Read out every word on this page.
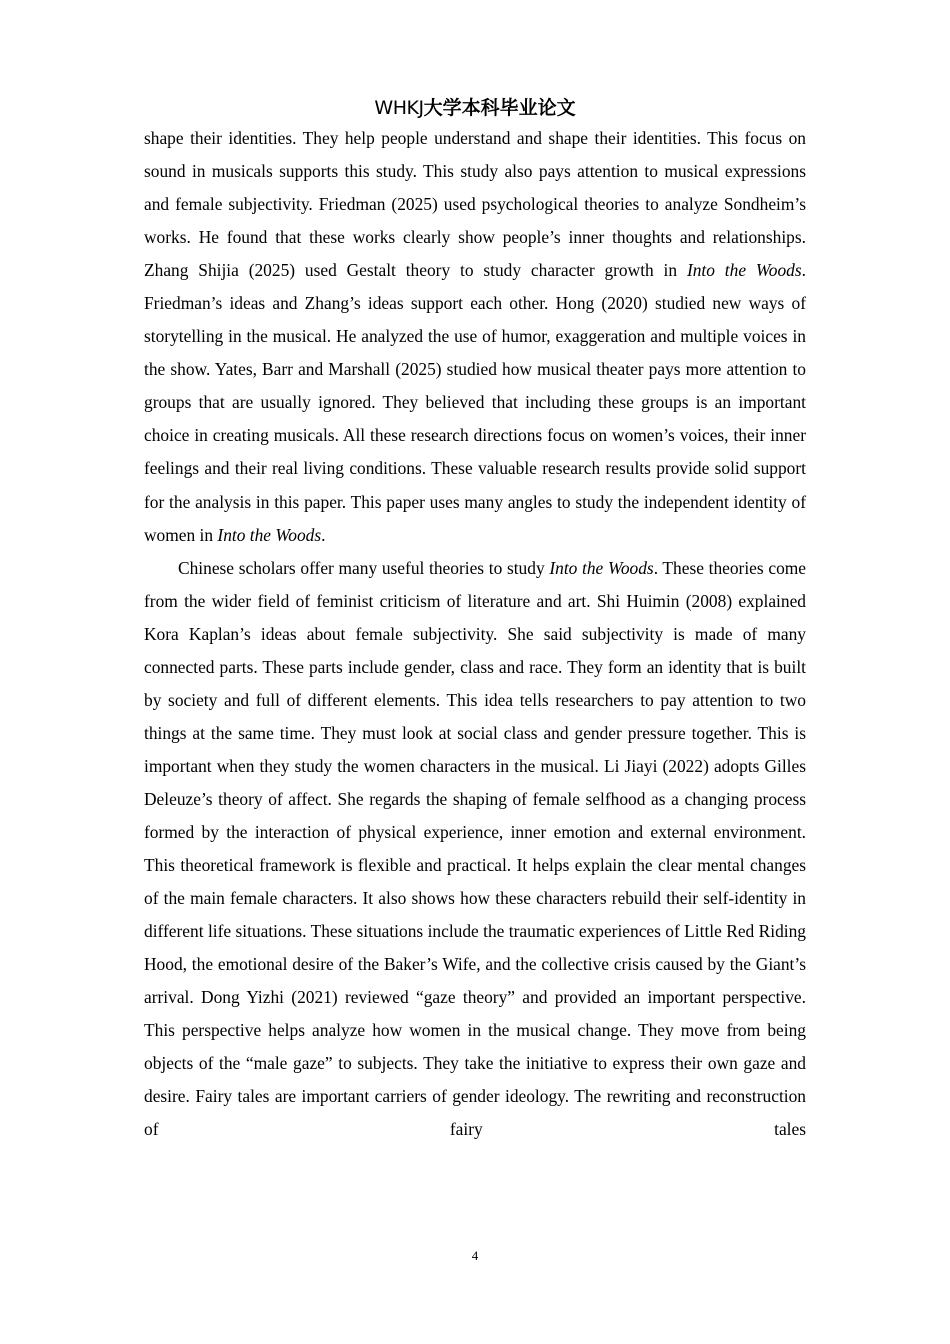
WHKJ大学本科毕业论文

shape their identities. They help people understand and shape their identities. This focus on sound in musicals supports this study. This study also pays attention to musical expressions and female subjectivity. Friedman (2025) used psychological theories to analyze Sondheim’s works. He found that these works clearly show people’s inner thoughts and relationships. Zhang Shijia (2025) used Gestalt theory to study character growth in Into the Woods. Friedman’s ideas and Zhang’s ideas support each other. Hong (2020) studied new ways of storytelling in the musical. He analyzed the use of humor, exaggeration and multiple voices in the show. Yates, Barr and Marshall (2025) studied how musical theater pays more attention to groups that are usually ignored. They believed that including these groups is an important choice in creating musicals. All these research directions focus on women’s voices, their inner feelings and their real living conditions. These valuable research results provide solid support for the analysis in this paper. This paper uses many angles to study the independent identity of women in Into the Woods.

Chinese scholars offer many useful theories to study Into the Woods. These theories come from the wider field of feminist criticism of literature and art. Shi Huimin (2008) explained Kora Kaplan’s ideas about female subjectivity. She said subjectivity is made of many connected parts. These parts include gender, class and race. They form an identity that is built by society and full of different elements. This idea tells researchers to pay attention to two things at the same time. They must look at social class and gender pressure together. This is important when they study the women characters in the musical. Li Jiayi (2022) adopts Gilles Deleuze’s theory of affect. She regards the shaping of female selfhood as a changing process formed by the interaction of physical experience, inner emotion and external environment. This theoretical framework is flexible and practical. It helps explain the clear mental changes of the main female characters. It also shows how these characters rebuild their self-identity in different life situations. These situations include the traumatic experiences of Little Red Riding Hood, the emotional desire of the Baker’s Wife, and the collective crisis caused by the Giant’s arrival. Dong Yizhi (2021) reviewed “gaze theory” and provided an important perspective. This perspective helps analyze how women in the musical change. They move from being objects of the “male gaze” to subjects. They take the initiative to express their own gaze and desire. Fairy tales are important carriers of gender ideology. The rewriting and reconstruction of fairy tales

4
